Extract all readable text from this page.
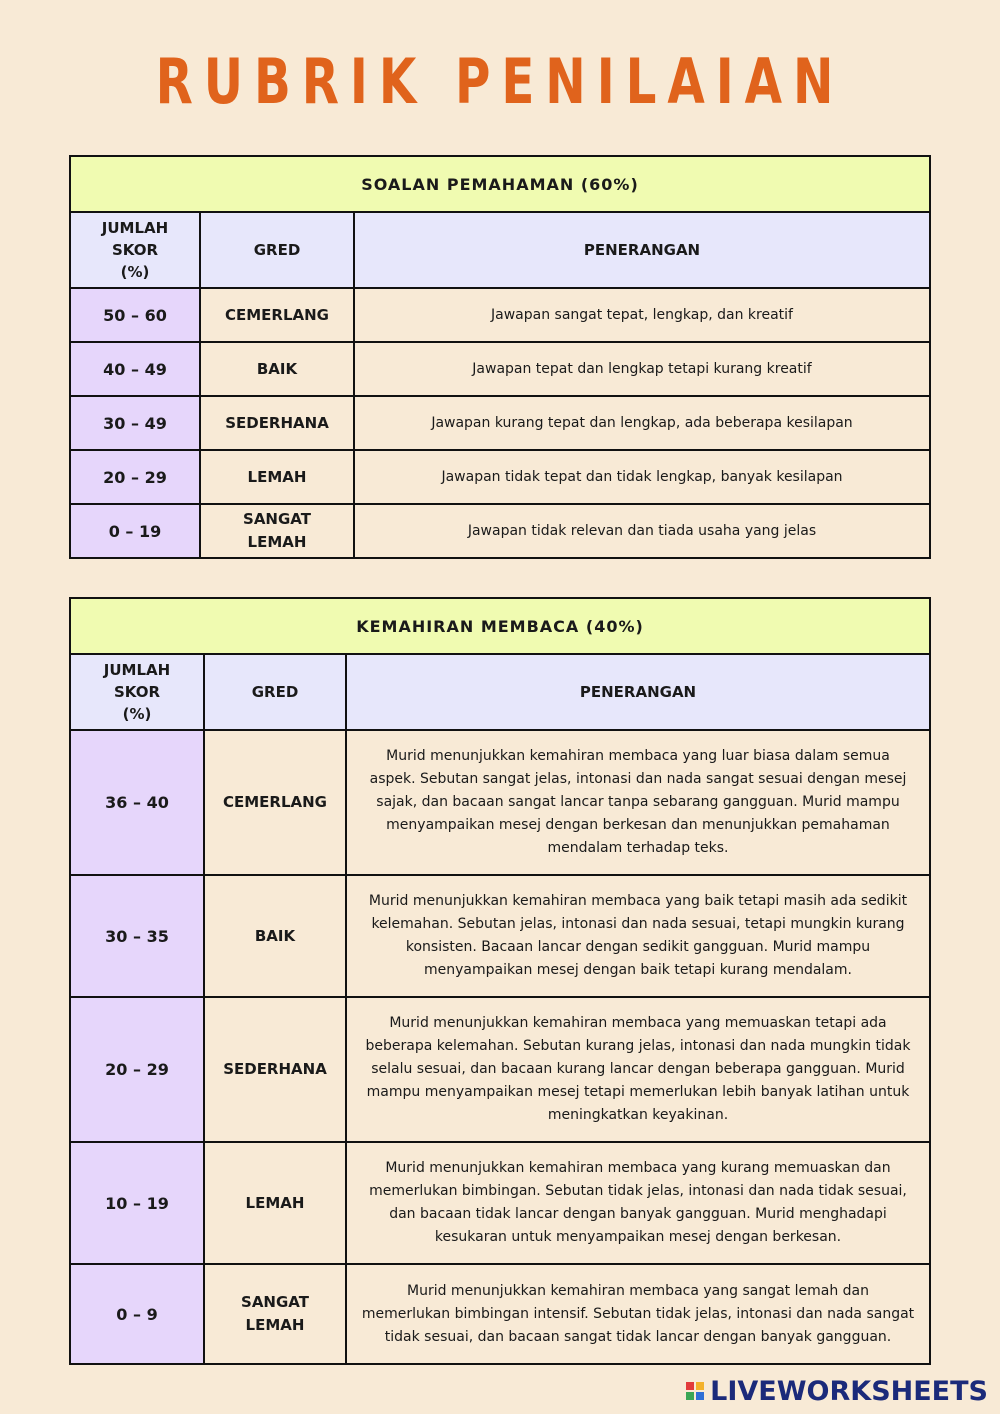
RUBRIK PENILAIAN
SOALAN PEMAHAMAN (60%)		
JUMLAH SKOR (%)	GRED	PENERANGAN
50 – 60	CEMERLANG	Jawapan sangat tepat, lengkap, dan kreatif
40 – 49	BAIK	Jawapan tepat dan lengkap tetapi kurang kreatif
30 – 49	SEDERHANA	Jawapan kurang tepat dan lengkap, ada beberapa kesilapan
20 – 29	LEMAH	Jawapan tidak tepat dan tidak lengkap, banyak kesilapan
0 – 19	SANGAT LEMAH	Jawapan tidak relevan dan tiada usaha yang jelas
KEMAHIRAN MEMBACA (40%)		
JUMLAH SKOR (%)	GRED	PENERANGAN
36 – 40	CEMERLANG	Murid menunjukkan kemahiran membaca yang luar biasa dalam semua aspek. Sebutan sangat jelas, intonasi dan nada sangat sesuai dengan mesej sajak, dan bacaan sangat lancar tanpa sebarang gangguan. Murid mampu menyampaikan mesej dengan berkesan dan menunjukkan pemahaman mendalam terhadap teks.
30 – 35	BAIK	Murid menunjukkan kemahiran membaca yang baik tetapi masih ada sedikit kelemahan. Sebutan jelas, intonasi dan nada sesuai, tetapi mungkin kurang konsisten. Bacaan lancar dengan sedikit gangguan. Murid mampu menyampaikan mesej dengan baik tetapi kurang mendalam.
20 – 29	SEDERHANA	Murid menunjukkan kemahiran membaca yang memuaskan tetapi ada beberapa kelemahan. Sebutan kurang jelas, intonasi dan nada mungkin tidak selalu sesuai, dan bacaan kurang lancar dengan beberapa gangguan. Murid mampu menyampaikan mesej tetapi memerlukan lebih banyak latihan untuk meningkatkan keyakinan.
10 – 19	LEMAH	Murid menunjukkan kemahiran membaca yang kurang memuaskan dan memerlukan bimbingan. Sebutan tidak jelas, intonasi dan nada tidak sesuai, dan bacaan tidak lancar dengan banyak gangguan. Murid menghadapi kesukaran untuk menyampaikan mesej dengan berkesan.
0 – 9	SANGAT LEMAH	Murid menunjukkan kemahiran membaca yang sangat lemah dan memerlukan bimbingan intensif. Sebutan tidak jelas, intonasi dan nada sangat tidak sesuai, dan bacaan sangat tidak lancar dengan banyak gangguan.
LIVEWORKSHEETS
